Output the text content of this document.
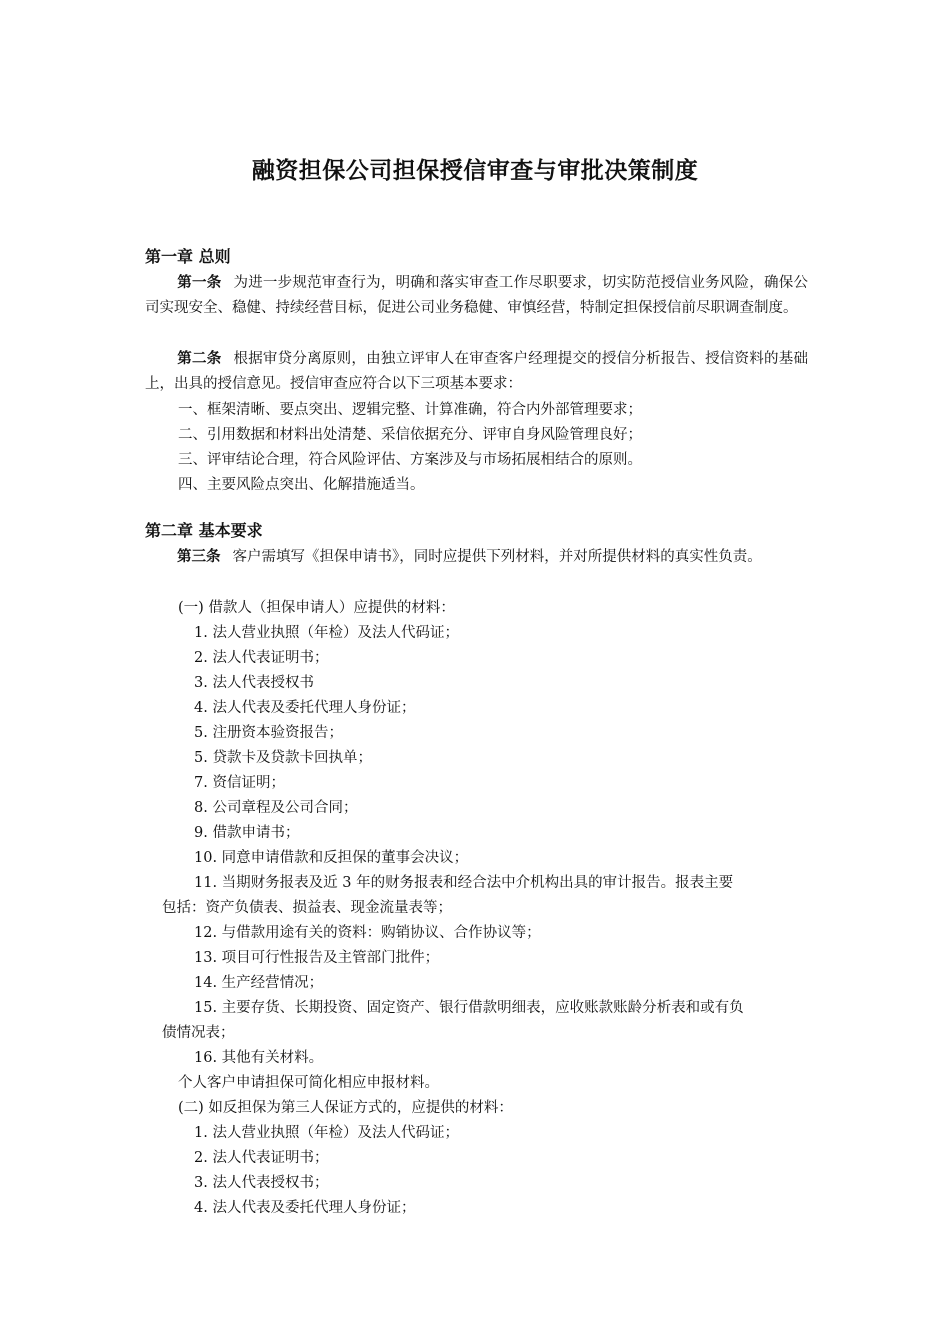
融资担保公司担保授信审查与审批决策制度
第一章 总则
第一条 为进一步规范审查行为，明确和落实审查工作尽职要求，切实防范授信业务风险，确保公司实现安全、稳健、持续经营目标，促进公司业务稳健、审慎经营，特制定担保授信前尽职调查制度。
第二条 根据审贷分离原则，由独立评审人在审查客户经理提交的授信分析报告、授信资料的基础上，出具的授信意见。授信审查应符合以下三项基本要求：
一、框架清晰、要点突出、逻辑完整、计算准确，符合内外部管理要求；
二、引用数据和材料出处清楚、采信依据充分、评审自身风险管理良好；
三、评审结论合理，符合风险评估、方案涉及与市场拓展相结合的原则。
四、主要风险点突出、化解措施适当。
第二章 基本要求
第三条 客户需填写《担保申请书》，同时应提供下列材料，并对所提供材料的真实性负责。
(一) 借款人（担保申请人）应提供的材料：
1. 法人营业执照（年检）及法人代码证；
2. 法人代表证明书；
3. 法人代表授权书
4. 法人代表及委托代理人身份证；
5. 注册资本验资报告；
5. 贷款卡及贷款卡回执单；
7. 资信证明；
8. 公司章程及公司合同；
9. 借款申请书；
10. 同意申请借款和反担保的董事会决议；
11. 当期财务报表及近 3 年的财务报表和经合法中介机构出具的审计报告。报表主要
包括：资产负债表、损益表、现金流量表等；
12. 与借款用途有关的资料：购销协议、合作协议等；
13. 项目可行性报告及主管部门批件；
14. 生产经营情况；
15. 主要存货、长期投资、固定资产、银行借款明细表，应收账款账龄分析表和或有负
债情况表；
16. 其他有关材料。
个人客户申请担保可简化相应申报材料。
(二) 如反担保为第三人保证方式的，应提供的材料：
1. 法人营业执照（年检）及法人代码证；
2. 法人代表证明书；
3. 法人代表授权书；
4. 法人代表及委托代理人身份证；
